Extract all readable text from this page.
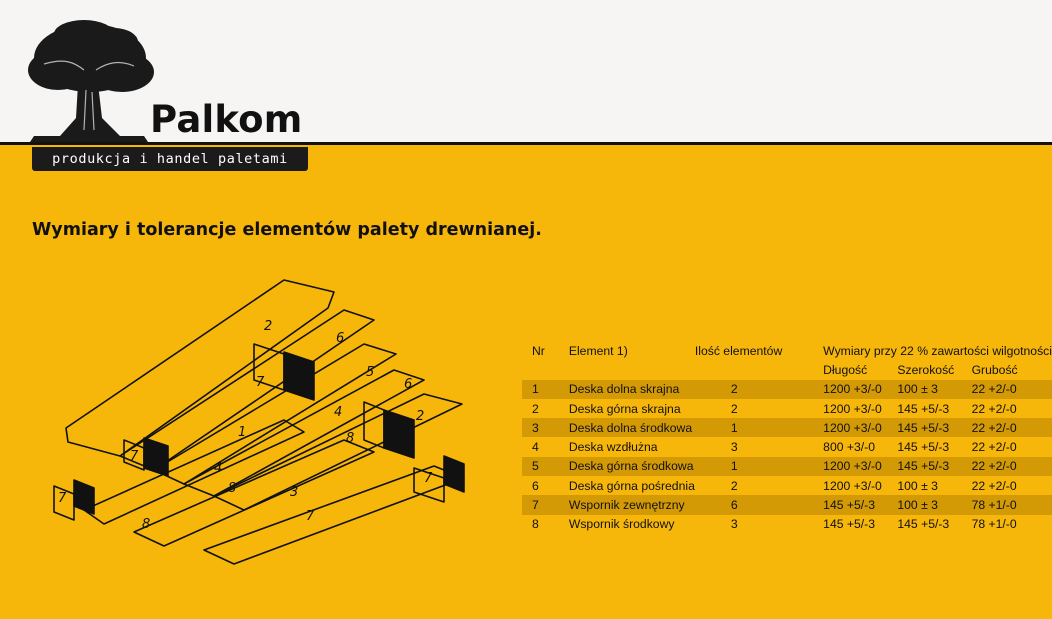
Palkom
produkcja i handel paletami
Wymiary i tolerancje elementów palety drewnianej.
2
6
5
6
2
7
4
1	8
7
4
8	3
7
7
8
7
Nr	Element 1)	Ilość elementów	Wymiary przy 22 % zawartości wilgotności		
			Długość	Szerokość	Grubość
1	Deska dolna skrajna	2	1200 +3/-0	100 ± 3	22 +2/-0
2	Deska górna skrajna	2	1200 +3/-0	145 +5/-3	22 +2/-0
3	Deska dolna środkowa	1	1200 +3/-0	145 +5/-3	22 +2/-0
4	Deska wzdłużna	3	800 +3/-0	145 +5/-3	22 +2/-0
5	Deska górna środkowa	1	1200 +3/-0	145 +5/-3	22 +2/-0
6	Deska górna pośrednia	2	1200 +3/-0	100 ± 3	22 +2/-0
7	Wspornik zewnętrzny	6	145 +5/-3	100 ± 3	78 +1/-0
8	Wspornik środkowy	3	145 +5/-3	145 +5/-3	78 +1/-0
